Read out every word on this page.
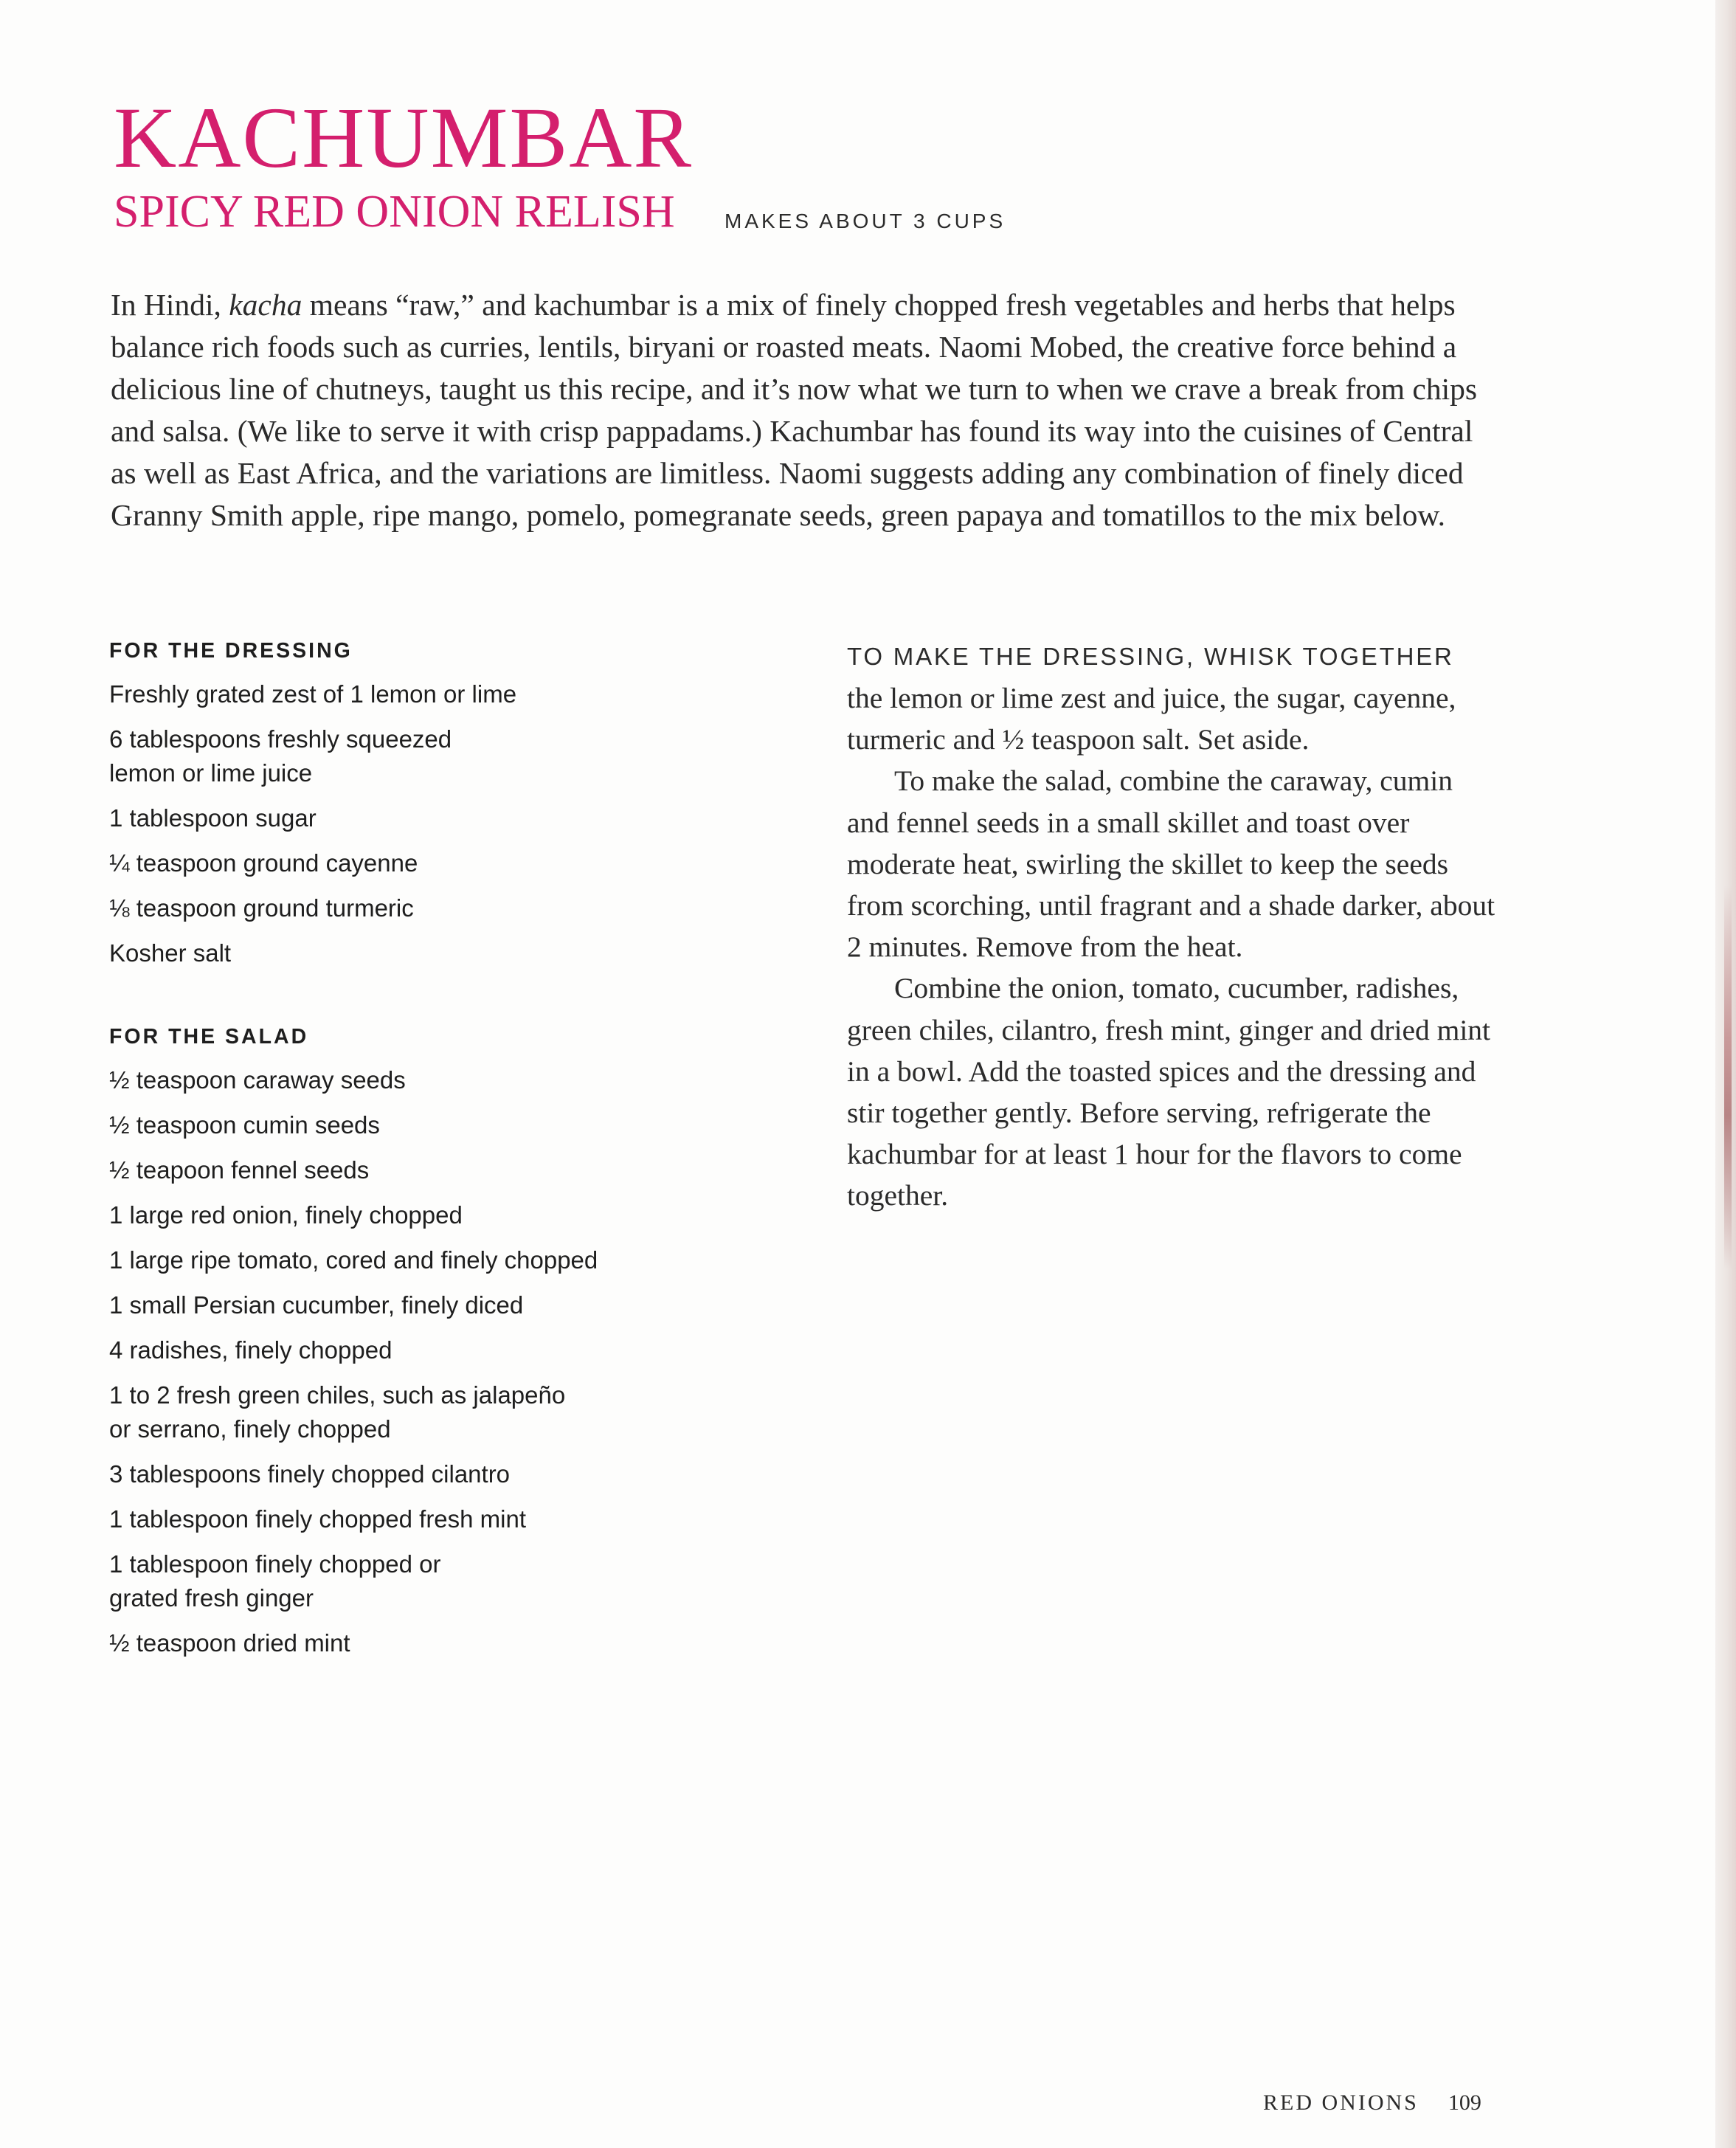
KACHUMBAR
SPICY RED ONION RELISH MAKES ABOUT 3 CUPS

In Hindi, kacha means “raw,” and kachumbar is a mix of finely chopped fresh vegetables and herbs that helps balance rich foods such as curries, lentils, biryani or roasted meats. Naomi Mobed, the creative force behind a delicious line of chutneys, taught us this recipe, and it’s now what we turn to when we crave a break from chips and salsa. (We like to serve it with crisp pappadams.) Kachumbar has found its way into the cuisines of Central as well as East Africa, and the variations are limitless. Naomi suggests adding any combination of finely diced Granny Smith apple, ripe mango, pomelo, pomegranate seeds, green papaya and tomatillos to the mix below.

FOR THE DRESSING
Freshly grated zest of 1 lemon or lime
6 tablespoons freshly squeezed
lemon or lime juice
1 tablespoon sugar
¼ teaspoon ground cayenne
⅛ teaspoon ground turmeric
Kosher salt
FOR THE SALAD
½ teaspoon caraway seeds
½ teaspoon cumin seeds
½ teapoon fennel seeds
1 large red onion, finely chopped
1 large ripe tomato, cored and finely chopped
1 small Persian cucumber, finely diced
4 radishes, finely chopped
1 to 2 fresh green chiles, such as jalapeño
or serrano, finely chopped
3 tablespoons finely chopped cilantro
1 tablespoon finely chopped fresh mint
1 tablespoon finely chopped or
grated fresh ginger
½ teaspoon dried mint

TO MAKE THE DRESSING, WHISK TOGETHER
the lemon or lime zest and juice, the sugar, cayenne, turmeric and ½ teaspoon salt. Set aside.

To make the salad, combine the caraway, cumin and fennel seeds in a small skillet and toast over moderate heat, swirling the skillet to keep the seeds from scorching, until fragrant and a shade darker, about 2 minutes. Remove from the heat.

Combine the onion, tomato, cucumber, radishes, green chiles, cilantro, fresh mint, ginger and dried mint in a bowl. Add the toasted spices and the dressing and stir together gently. Before serving, refrigerate the kachumbar for at least 1 hour for the flavors to come together.

RED ONIONS 109
